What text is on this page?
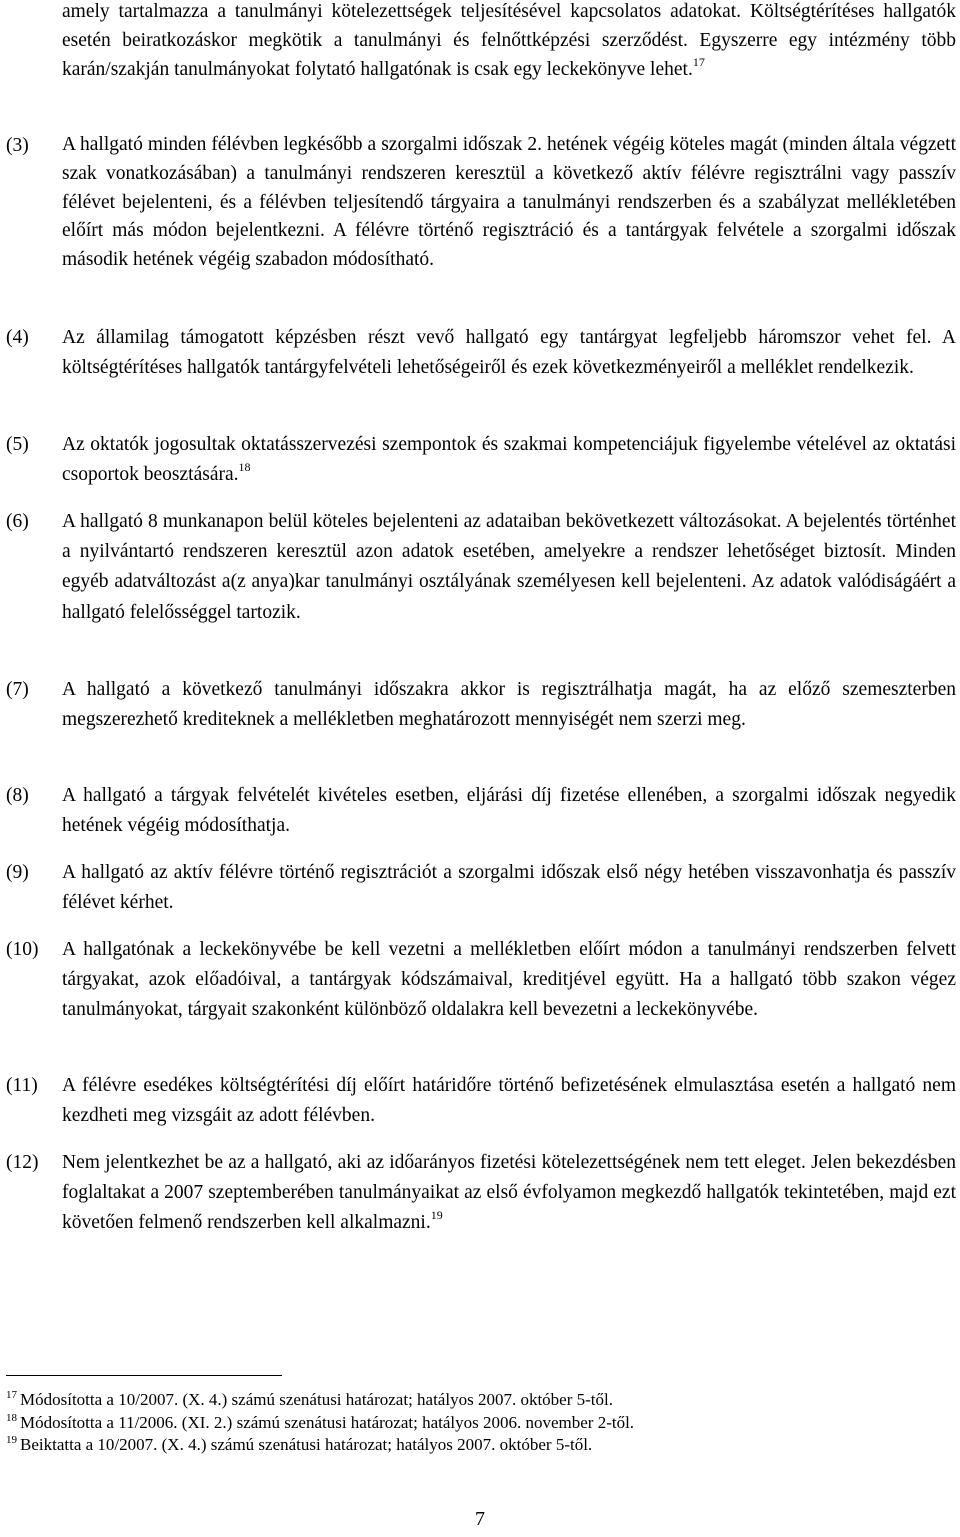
amely tartalmazza a tanulmányi kötelezettségek teljesítésével kapcsolatos adatokat. Költségtérítéses hallgatók esetén beiratkozáskor megkötik a tanulmányi és felnőttképzési szerződést. Egyszerre egy intézmény több karán/szakján tanulmányokat folytató hallgatónak is csak egy leckekönyve lehet.$^{17}$
(3) A hallgató minden félévben legkésőbb a szorgalmi időszak 2. hetének végéig köteles magát (minden általa végzett szak vonatkozásában) a tanulmányi rendszeren keresztül a következő aktív félévre regisztrálni vagy passzív félévet bejelenteni, és a félévben teljesítendő tárgyaira a tanulmányi rendszerben és a szabályzat mellékletében előírt más módon bejelentkezni. A félévre történő regisztráció és a tantárgyak felvétele a szorgalmi időszak második hetének végéig szabadon módosítható.
(4) Az államilag támogatott képzésben részt vevő hallgató egy tantárgyat legfeljebb háromszor vehet fel. A költségtérítéses hallgatók tantárgyfelvételi lehetőségeiről és ezek következményeiről a melléklet rendelkezik.
(5) Az oktatók jogosultak oktatásszervezési szempontok és szakmai kompetenciájuk figyelembe vételével az oktatási csoportok beosztására.$^{18}$
(6) A hallgató 8 munkanapon belül köteles bejelenteni az adataiban bekövetkezett változásokat. A bejelentés történhet a nyilvántartó rendszeren keresztül azon adatok esetében, amelyekre a rendszer lehetőséget biztosít. Minden egyéb adatváltozást a(z anya)kar tanulmányi osztályának személyesen kell bejelenteni. Az adatok valódiságáért a hallgató felelősséggel tartozik.
(7) A hallgató a következő tanulmányi időszakra akkor is regisztrálhatja magát, ha az előző szemeszterben megszerezhető krediteknek a mellékletben meghatározott mennyiségét nem szerzi meg.
(8) A hallgató a tárgyak felvételét kivételes esetben, eljárási díj fizetése ellenében, a szorgalmi időszak negyedik hetének végéig módosíthatja.
(9) A hallgató az aktív félévre történő regisztrációt a szorgalmi időszak első négy hetében visszavonhatja és passzív félévet kérhet.
(10) A hallgatónak a leckekönyvébe be kell vezetni a mellékletben előírt módon a tanulmányi rendszerben felvett tárgyakat, azok előadóival, a tantárgyak kódszámaival, kreditjével együtt. Ha a hallgató több szakon végez tanulmányokat, tárgyait szakonként különböző oldalakra kell bevezetni a leckekönyvébe.
(11) A félévre esedékes költségtérítési díj előírt határidőre történő befizetésének elmulasztása esetén a hallgató nem kezdheti meg vizsgáit az adott félévben.
(12) Nem jelentkezhet be az a hallgató, aki az időarányos fizetési kötelezettségének nem tett eleget. Jelen bekezdésben foglaltakat a 2007 szeptemberében tanulmányaikat az első évfolyamon megkezdő hallgatók tekintetében, majd ezt követően felmenő rendszerben kell alkalmazni.$^{19}$
$^{17}$ Módosította a 10/2007. (X. 4.) számú szenátusi határozat; hatályos 2007. október 5-től.
$^{18}$ Módosította a 11/2006. (XI. 2.) számú szenátusi határozat; hatályos 2006. november 2-től.
$^{19}$ Beiktatta a 10/2007. (X. 4.) számú szenátusi határozat; hatályos 2007. október 5-től.
7
